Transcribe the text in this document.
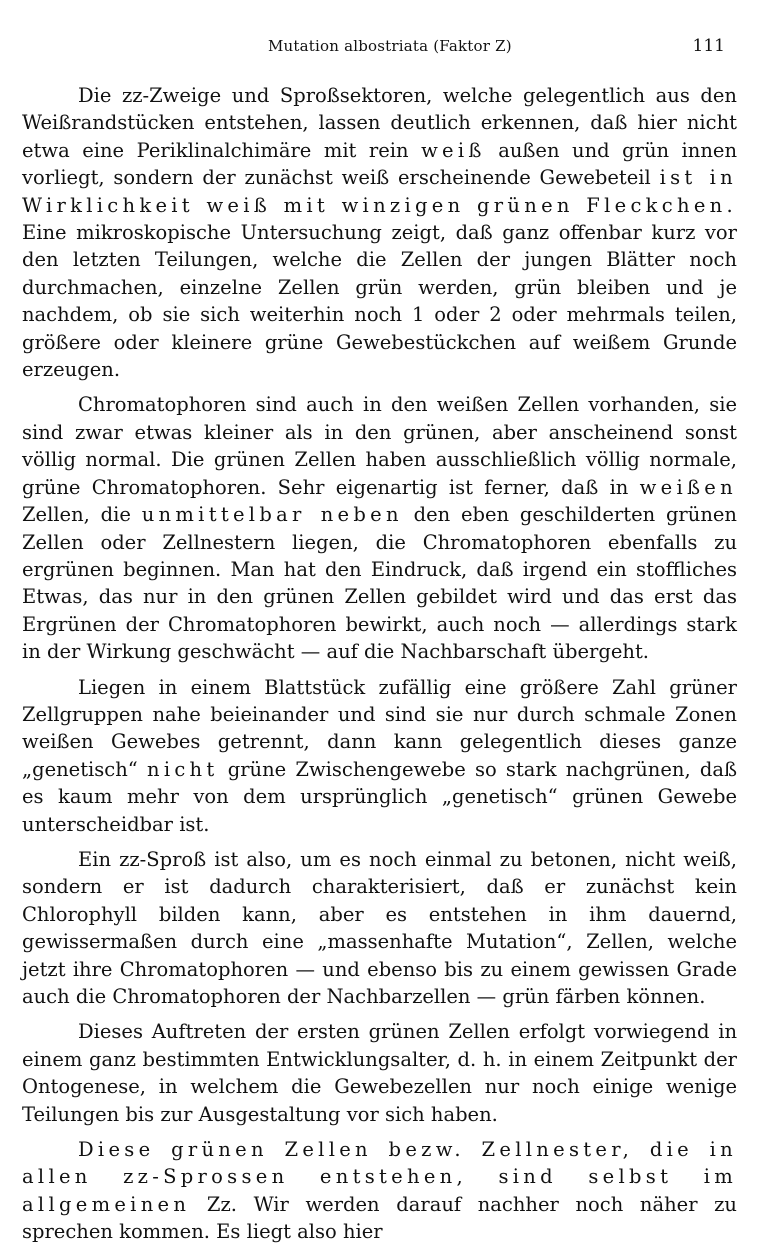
Mutation albostriata (Faktor Z)	111

Die zz-Zweige und Sproßsektoren, welche gelegentlich aus den Weißrandstücken entstehen, lassen deutlich erkennen, daß hier nicht etwa eine Periklinalchimäre mit rein weiß außen und grün innen vorliegt, sondern der zunächst weiß erscheinende Gewebeteil ist in Wirklichkeit weiß mit winzigen grünen Fleckchen. Eine mikroskopische Untersuchung zeigt, daß ganz offenbar kurz vor den letzten Teilungen, welche die Zellen der jungen Blätter noch durchmachen, einzelne Zellen grün werden, grün bleiben und je nachdem, ob sie sich weiterhin noch 1 oder 2 oder mehrmals teilen, größere oder kleinere grüne Gewebestückchen auf weißem Grunde erzeugen.

Chromatophoren sind auch in den weißen Zellen vorhanden, sie sind zwar etwas kleiner als in den grünen, aber anscheinend sonst völlig normal. Die grünen Zellen haben ausschließlich völlig normale, grüne Chromatophoren. Sehr eigenartig ist ferner, daß in weißen Zellen, die unmittelbar neben den eben geschilderten grünen Zellen oder Zellnestern liegen, die Chromatophoren ebenfalls zu ergrünen beginnen. Man hat den Eindruck, daß irgend ein stoffliches Etwas, das nur in den grünen Zellen gebildet wird und das erst das Ergrünen der Chromatophoren bewirkt, auch noch — allerdings stark in der Wirkung geschwächt — auf die Nachbarschaft übergeht.

Liegen in einem Blattstück zufällig eine größere Zahl grüner Zellgruppen nahe beieinander und sind sie nur durch schmale Zonen weißen Gewebes getrennt, dann kann gelegentlich dieses ganze „genetisch“ nicht grüne Zwischengewebe so stark nachgrünen, daß es kaum mehr von dem ursprünglich „genetisch“ grünen Gewebe unterscheidbar ist.

Ein zz-Sproß ist also, um es noch einmal zu betonen, nicht weiß, sondern er ist dadurch charakterisiert, daß er zunächst kein Chlorophyll bilden kann, aber es entstehen in ihm dauernd, gewissermaßen durch eine „massenhafte Mutation“, Zellen, welche jetzt ihre Chromatophoren — und ebenso bis zu einem gewissen Grade auch die Chromatophoren der Nachbarzellen — grün färben können.

Dieses Auftreten der ersten grünen Zellen erfolgt vorwiegend in einem ganz bestimmten Entwicklungsalter, d. h. in einem Zeitpunkt der Ontogenese, in welchem die Gewebezellen nur noch einige wenige Teilungen bis zur Ausgestaltung vor sich haben.

Diese grünen Zellen bezw. Zellnester, die in allen zz-Sprossen entstehen, sind selbst im allgemeinen Zz. Wir werden darauf nachher noch näher zu sprechen kommen. Es liegt also hier
